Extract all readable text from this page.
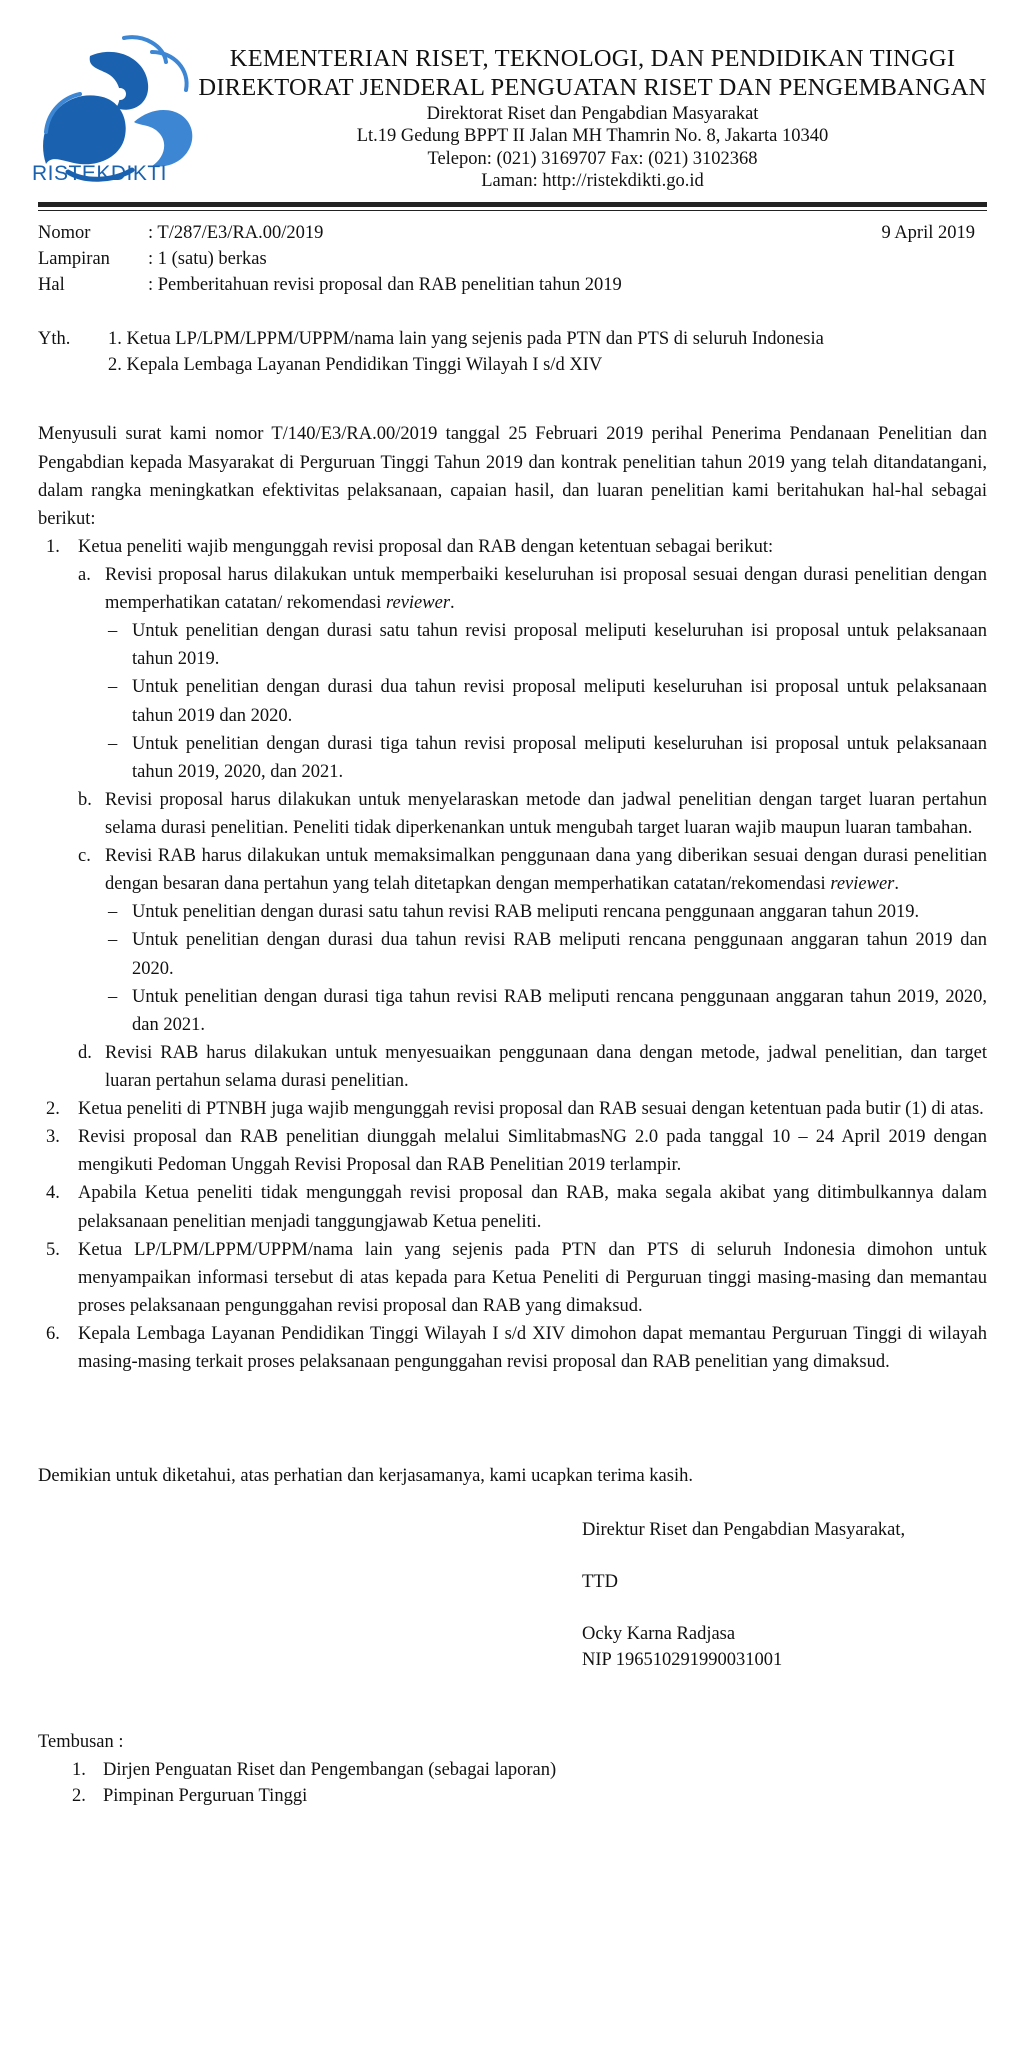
RISTEKDIKTI
KEMENTERIAN RISET, TEKNOLOGI, DAN PENDIDIKAN TINGGI
DIREKTORAT JENDERAL PENGUATAN RISET DAN PENGEMBANGAN
Direktorat Riset dan Pengabdian Masyarakat
Lt.19 Gedung BPPT II Jalan MH Thamrin No. 8, Jakarta 10340
Telepon: (021) 3169707 Fax: (021) 3102368
Laman: http://ristekdikti.go.id
9 April 2019
Nomor	: T/287/E3/RA.00/2019
Lampiran	: 1 (satu) berkas
Hal	: Pemberitahuan revisi proposal dan RAB penelitian tahun 2019
Yth.	1. Ketua LP/LPM/LPPM/UPPM/nama lain yang sejenis pada PTN dan PTS di seluruh Indonesia
2. Kepala Lembaga Layanan Pendidikan Tinggi Wilayah I s/d XIV
Menyusuli surat kami nomor T/140/E3/RA.00/2019 tanggal 25 Februari 2019 perihal Penerima Pendanaan Penelitian dan Pengabdian kepada Masyarakat di Perguruan Tinggi Tahun 2019 dan kontrak penelitian tahun 2019 yang telah ditandatangani, dalam rangka meningkatkan efektivitas pelaksanaan, capaian hasil, dan luaran penelitian kami beritahukan hal-hal sebagai berikut:
1. Ketua peneliti wajib mengunggah revisi proposal dan RAB dengan ketentuan sebagai berikut:
a. Revisi proposal harus dilakukan untuk memperbaiki keseluruhan isi proposal sesuai dengan durasi penelitian dengan memperhatikan catatan/ rekomendasi reviewer.
– Untuk penelitian dengan durasi satu tahun revisi proposal meliputi keseluruhan isi proposal untuk pelaksanaan tahun 2019.
– Untuk penelitian dengan durasi dua tahun revisi proposal meliputi keseluruhan isi proposal untuk pelaksanaan tahun 2019 dan 2020.
– Untuk penelitian dengan durasi tiga tahun revisi proposal meliputi keseluruhan isi proposal untuk pelaksanaan tahun 2019, 2020, dan 2021.
b. Revisi proposal harus dilakukan untuk menyelaraskan metode dan jadwal penelitian dengan target luaran pertahun selama durasi penelitian. Peneliti tidak diperkenankan untuk mengubah target luaran wajib maupun luaran tambahan.
c. Revisi RAB harus dilakukan untuk memaksimalkan penggunaan dana yang diberikan sesuai dengan durasi penelitian dengan besaran dana pertahun yang telah ditetapkan dengan memperhatikan catatan/rekomendasi reviewer.
– Untuk penelitian dengan durasi satu tahun revisi RAB meliputi rencana penggunaan anggaran tahun 2019.
– Untuk penelitian dengan durasi dua tahun revisi RAB meliputi rencana penggunaan anggaran tahun 2019 dan 2020.
– Untuk penelitian dengan durasi tiga tahun revisi RAB meliputi rencana penggunaan anggaran tahun 2019, 2020, dan 2021.
d. Revisi RAB harus dilakukan untuk menyesuaikan penggunaan dana dengan metode, jadwal penelitian, dan target luaran pertahun selama durasi penelitian.
2. Ketua peneliti di PTNBH juga wajib mengunggah revisi proposal dan RAB sesuai dengan ketentuan pada butir (1) di atas.
3. Revisi proposal dan RAB penelitian diunggah melalui SimlitabmasNG 2.0 pada tanggal 10 – 24 April 2019 dengan mengikuti Pedoman Unggah Revisi Proposal dan RAB Penelitian 2019 terlampir.
4. Apabila Ketua peneliti tidak mengunggah revisi proposal dan RAB, maka segala akibat yang ditimbulkannya dalam pelaksanaan penelitian menjadi tanggungjawab Ketua peneliti.
5. Ketua LP/LPM/LPPM/UPPM/nama lain yang sejenis pada PTN dan PTS di seluruh Indonesia dimohon untuk menyampaikan informasi tersebut di atas kepada para Ketua Peneliti di Perguruan tinggi masing-masing dan memantau proses pelaksanaan pengunggahan revisi proposal dan RAB yang dimaksud.
6. Kepala Lembaga Layanan Pendidikan Tinggi Wilayah I s/d XIV dimohon dapat memantau Perguruan Tinggi di wilayah masing-masing terkait proses pelaksanaan pengunggahan revisi proposal dan RAB penelitian yang dimaksud.
Demikian untuk diketahui, atas perhatian dan kerjasamanya, kami ucapkan terima kasih.
Direktur Riset dan Pengabdian Masyarakat,
TTD
Ocky Karna Radjasa
NIP 196510291990031001
Tembusan :
1. Dirjen Penguatan Riset dan Pengembangan (sebagai laporan)
2. Pimpinan Perguruan Tinggi
